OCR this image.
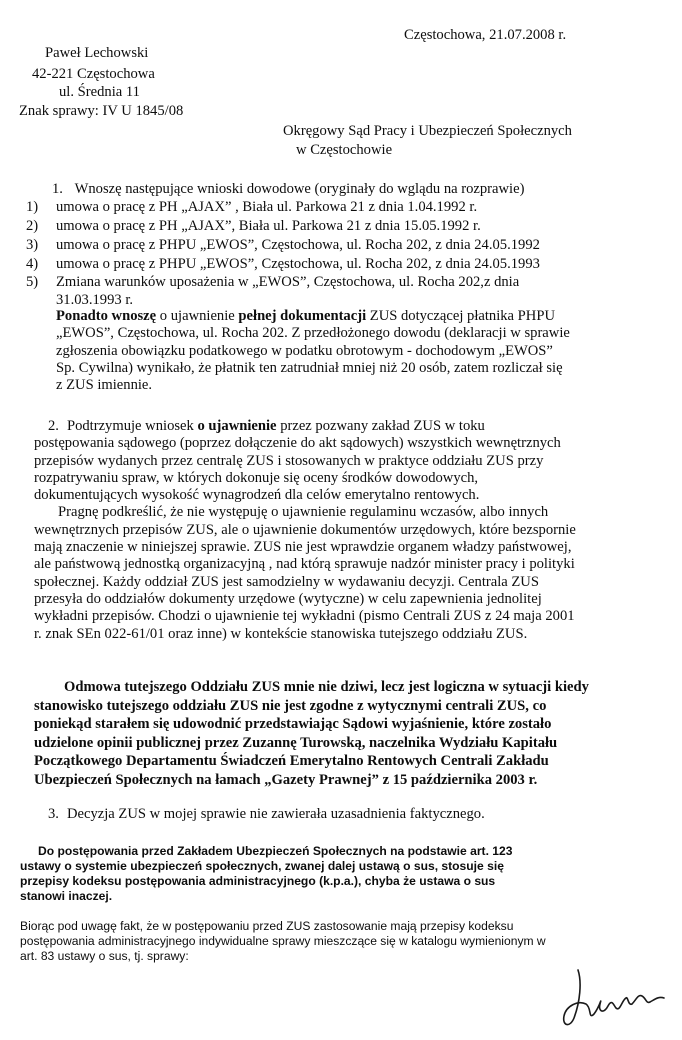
Częstochowa, 21.07.2008 r.
Paweł Lechowski
42-221 Częstochowa
ul. Średnia 11
Znak sprawy: IV U 1845/08
Okręgowy Sąd Pracy i Ubezpieczeń Społecznych
w Częstochowie
1. Wnoszę następujące wnioski dowodowe (oryginały do wglądu na rozprawie)
1)	umowa o pracę z PH „AJAX” , Biała ul. Parkowa 21 z dnia 1.04.1992 r.
2)	umowa o pracę z PH „AJAX”, Biała ul. Parkowa 21 z dnia 15.05.1992 r.
3)	umowa o pracę z PHPU „EWOS”, Częstochowa, ul. Rocha 202, z dnia 24.05.1992
4)	umowa o pracę z PHPU „EWOS”, Częstochowa, ul. Rocha 202, z dnia 24.05.1993
5)	Zmiana warunków uposażenia w „EWOS”, Częstochowa, ul. Rocha 202,z dnia
31.03.1993 r.
Ponadto wnoszę o ujawnienie pełnej dokumentacji ZUS dotyczącej płatnika PHPU
„EWOS”, Częstochowa, ul. Rocha 202. Z przedłożonego dowodu (deklaracji w sprawie
zgłoszenia obowiązku podatkowego w podatku obrotowym - dochodowym „EWOS”
Sp. Cywilna) wynikało, że płatnik ten zatrudniał mniej niż 20 osób, zatem rozliczał się
z ZUS imiennie.
2. Podtrzymuje wniosek o ujawnienie przez pozwany zakład ZUS w toku
postępowania sądowego (poprzez dołączenie do akt sądowych) wszystkich wewnętrznych
przepisów wydanych przez centralę ZUS i stosowanych w praktyce oddziału ZUS przy
rozpatrywaniu spraw, w których dokonuje się oceny środków dowodowych,
dokumentujących wysokość wynagrodzeń dla celów emerytalno rentowych.
Pragnę podkreślić, że nie występuję o ujawnienie regulaminu wczasów, albo innych
wewnętrznych przepisów ZUS, ale o ujawnienie dokumentów urzędowych, które bezspornie
mają znaczenie w niniejszej sprawie. ZUS nie jest wprawdzie organem władzy państwowej,
ale państwową jednostką organizacyjną , nad którą sprawuje nadzór minister pracy i polityki
społecznej. Każdy oddział ZUS jest samodzielny w wydawaniu decyzji. Centrala ZUS
przesyła do oddziałów dokumenty urzędowe (wytyczne) w celu zapewnienia jednolitej
wykładni przepisów. Chodzi o ujawnienie tej wykładni (pismo Centrali ZUS z 24 maja 2001
r. znak SEn 022-61/01 oraz inne) w kontekście stanowiska tutejszego oddziału ZUS.
Odmowa tutejszego Oddziału ZUS mnie nie dziwi, lecz jest logiczna w sytuacji kiedy
stanowisko tutejszego oddziału ZUS nie jest zgodne z wytycznymi centrali ZUS, co
poniekąd starałem się udowodnić przedstawiając Sądowi wyjaśnienie, które zostało
udzielone opinii publicznej przez Zuzannę Turowską, naczelnika Wydziału Kapitału
Początkowego Departamentu Świadczeń Emerytalno Rentowych Centrali Zakładu
Ubezpieczeń Społecznych na łamach „Gazety Prawnej” z 15 października 2003 r.
3. Decyzja ZUS w mojej sprawie nie zawierała uzasadnienia faktycznego.
Do postępowania przed Zakładem Ubezpieczeń Społecznych na podstawie art. 123
ustawy o systemie ubezpieczeń społecznych, zwanej dalej ustawą o sus, stosuje się
przepisy kodeksu postępowania administracyjnego (k.p.a.), chyba że ustawa o sus
stanowi inaczej.
Biorąc pod uwagę fakt, że w postępowaniu przed ZUS zastosowanie mają przepisy kodeksu
postępowania administracyjnego indywidualne sprawy mieszczące się w katalogu wymienionym w
art. 83 ustawy o sus, tj. sprawy:
